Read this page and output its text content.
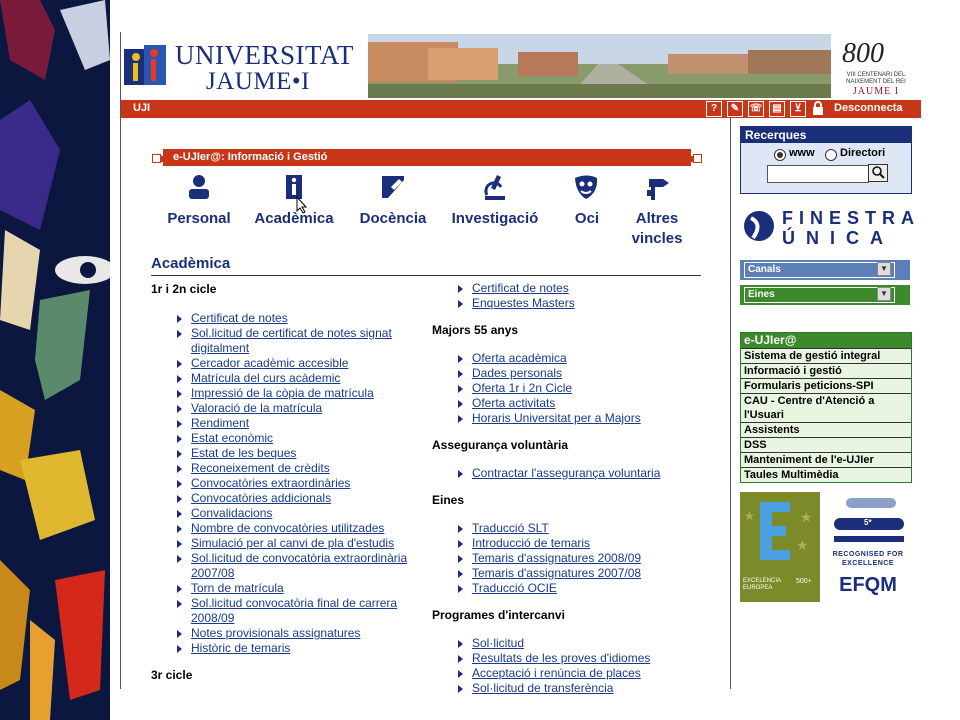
UNIVERSITAT
JAUME•I
800
VIII CENTENARI DEL NAIXEMENT DEL REI
JAUME I
UJI	?	✎	☏	▤	⊻	Desconnecta
e-UJIer@: Informació i Gestió
Personal	Acadèmica	Docència	Investigació	Oci	Altres vincles
Acadèmica

1r i 2n cicle

Certificat de notes
Sol.licitud de certificat de notes signat digitalment
Cercador acadèmic accesible
Matrícula del curs acàdemic
Impressió de la còpia de matrícula
Valoració de la matrícula
Rendiment
Estat econòmic
Estat de les beques
Reconeixement de crèdits
Convocatòries extraordinàries
Convocatòries addicionals
Convalidacions
Nombre de convocatòries utilitzades
Simulació per al canvi de pla d'estudis
Sol.licitud de convocatòria extraordinària 2007/08
Torn de matrícula
Sol.licitud convocatòria final de carrera 2008/09
Notes provisionals assignatures
Històric de temaris

3r cicle

Certificat de notes
Enquestes Masters

Majors 55 anys

Oferta acadèmica
Dades personals
Oferta 1r i 2n Cicle
Oferta activitats
Horaris Universitat per a Majors

Assegurança voluntària

Contractar l'assegurança voluntaria

Eines

Traducció SLT
Introducció de temaris
Temaris d'assignatures 2008/09
Temaris d'assignatures 2007/08
Traducció OCIE

Programes d'intercanvi

Sol·licitud
Resultats de les proves d'idiomes
Acceptació i renúncia de places
Sol·licitud de transferència
Recerques
www Directori
FINESTRA
ÚNICA
Canals	▼
Eines	▼
e-UJIer@
Sistema de gestió integral
Informació i gestió
Formularis peticions-SPI
CAU - Centre d'Atenció a l'Usuari
Assistents
DSS
Manteniment de l'e-UJIer
Taules Multimèdia
★
★
★
EXCELENCIA EUROPEA
500+
5*
RECOGNISED FOR EXCELLENCE
EFQM
